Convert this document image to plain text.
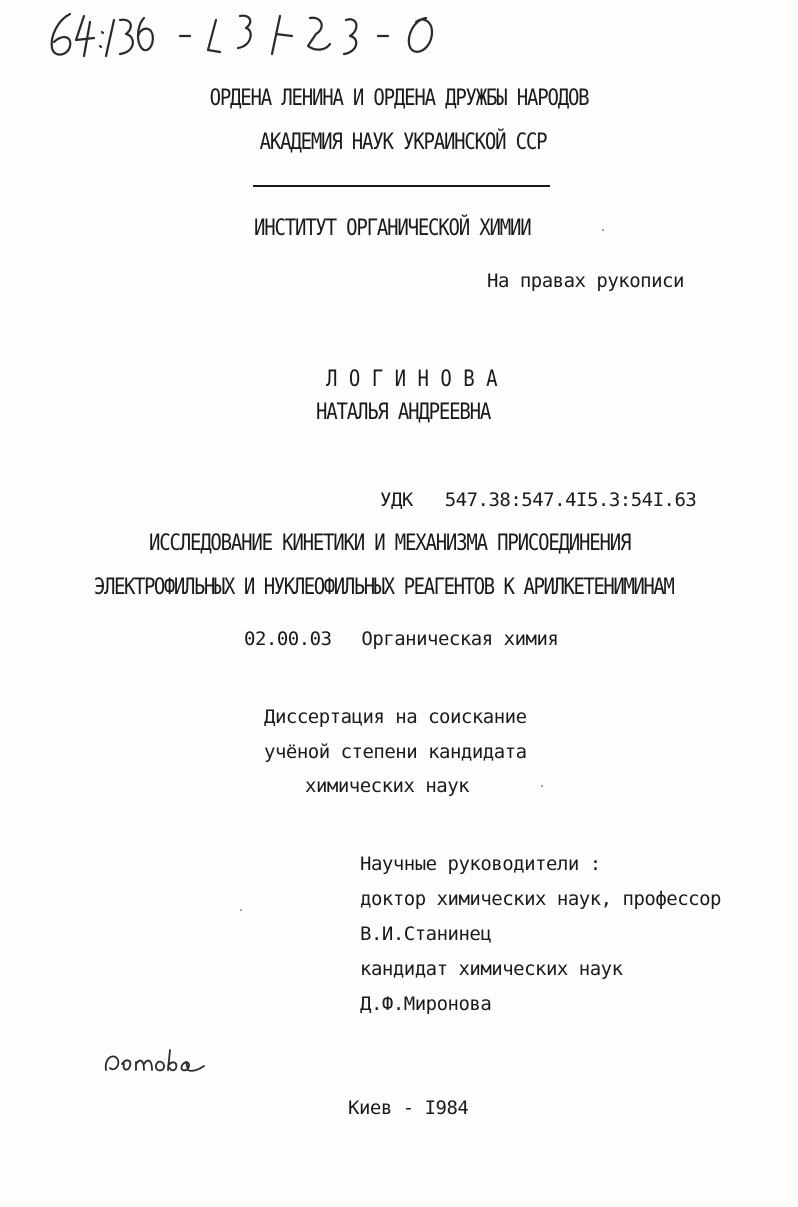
ОРДЕНА ЛЕНИНА И ОРДЕНА ДРУЖБЫ НАРОДОВ
АКАДЕМИЯ НАУК УКРАИНСКОЙ ССР
ИНСТИТУТ ОРГАНИЧЕСКОЙ ХИМИИ
На правах рукописи
Л О Г И Н О В А
НАТАЛЬЯ АНДРЕЕВНА
УДК 547.38:547.4I5.3:54I.63
ИССЛЕДОВАНИЕ КИНЕТИКИ И МЕХАНИЗМА ПРИСОЕДИНЕНИЯ
ЭЛЕКТРОФИЛЬНЫХ И НУКЛЕОФИЛЬНЫХ РЕАГЕНТОВ К АРИЛКЕТЕНИМИНАМ
02.00.03 Органическая химия
Диссертация на соискание
учёной степени кандидата
химических наук
Научные руководители :
доктор химических наук, профессор
В.И.Станинец
кандидат химических наук
Д.Ф.Миронова
Киев - I984
